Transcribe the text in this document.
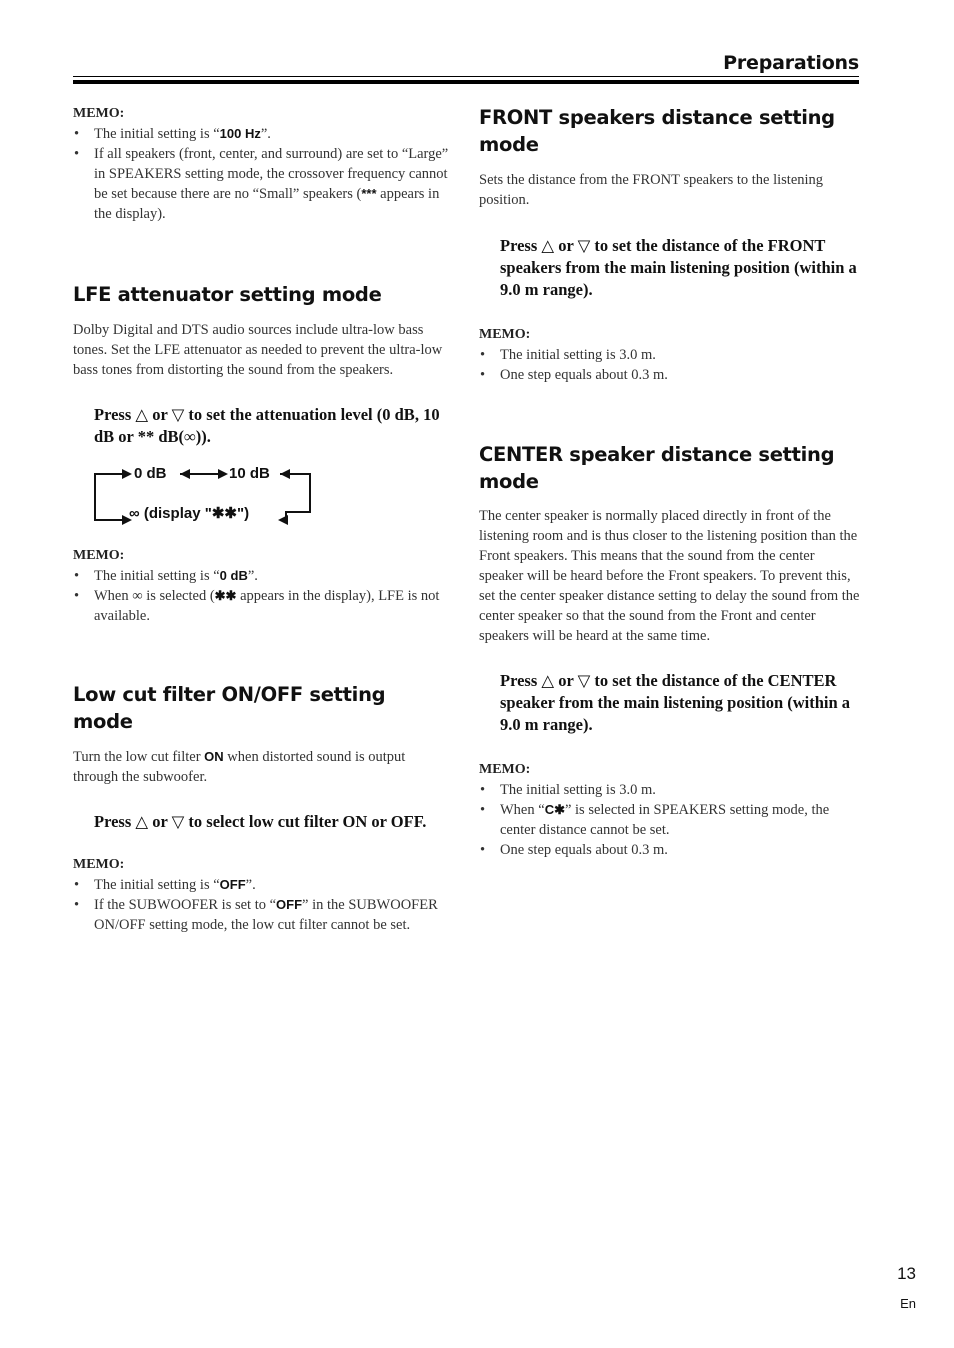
Preparations
MEMO:
• The initial setting is “100 Hz”.
• If all speakers (front, center, and surround) are set to “Large” in SPEAKERS setting mode, the crossover frequency cannot be set because there are no “Small” speakers (*** appears in the display).
LFE attenuator setting mode

Dolby Digital and DTS audio sources include ultra-low bass tones. Set the LFE attenuator as needed to prevent the ultra-low bass tones from distorting the sound from the speakers.

Press △ or ▽ to set the attenuation level (0 dB, 10 dB or ** dB(∞)).

0 dB	10 dB
∞ (display "✱✱")
MEMO:
• The initial setting is “0 dB”.
• When ∞ is selected (✱✱ appears in the display), LFE is not available.
Low cut filter ON/OFF setting mode

Turn the low cut filter ON when distorted sound is output through the subwoofer.

Press △ or ▽ to select low cut filter ON or OFF.

MEMO:
• The initial setting is “OFF”.
• If the SUBWOOFER is set to “OFF” in the SUBWOOFER ON/OFF setting mode, the low cut filter cannot be set.
FRONT speakers distance setting mode

Sets the distance from the FRONT speakers to the listening position.

Press △ or ▽ to set the distance of the FRONT speakers from the main listening position (within a 9.0 m range).

MEMO:
• The initial setting is 3.0 m.
• One step equals about 0.3 m.
CENTER speaker distance setting mode

The center speaker is normally placed directly in front of the listening room and is thus closer to the listening position than the Front speakers. This means that the sound from the center speaker will be heard before the Front speakers. To prevent this, set the center speaker distance setting to delay the sound from the center speaker so that the sound from the Front and center speakers will be heard at the same time.

Press △ or ▽ to set the distance of the CENTER speaker from the main listening position (within a 9.0 m range).

MEMO:
• The initial setting is 3.0 m.
• When “C✱” is selected in SPEAKERS setting mode, the center distance cannot be set.
• One step equals about 0.3 m.
13
En
